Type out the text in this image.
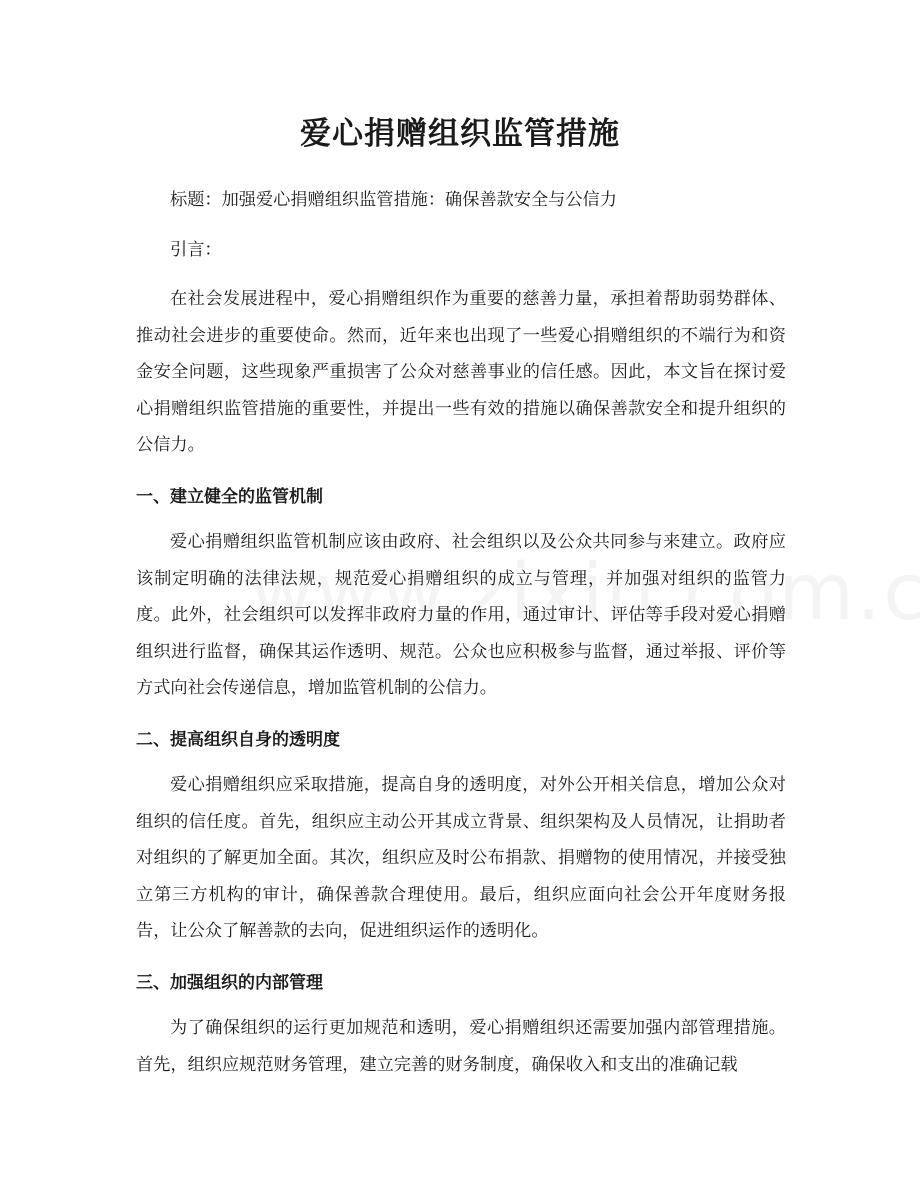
爱心捐赠组织监管措施

标题：加强爱心捐赠组织监管措施：确保善款安全与公信力

引言：

在社会发展进程中，爱心捐赠组织作为重要的慈善力量，承担着帮助弱势群体、推动社会进步的重要使命。然而，近年来也出现了一些爱心捐赠组织的不端行为和资金安全问题，这些现象严重损害了公众对慈善事业的信任感。因此，本文旨在探讨爱心捐赠组织监管措施的重要性，并提出一些有效的措施以确保善款安全和提升组织的公信力。

一、建立健全的监管机制

爱心捐赠组织监管机制应该由政府、社会组织以及公众共同参与来建立。政府应该制定明确的法律法规，规范爱心捐赠组织的成立与管理，并加强对组织的监管力度。此外，社会组织可以发挥非政府力量的作用，通过审计、评估等手段对爱心捐赠组织进行监督，确保其运作透明、规范。公众也应积极参与监督，通过举报、评价等方式向社会传递信息，增加监管机制的公信力。

二、提高组织自身的透明度

爱心捐赠组织应采取措施，提高自身的透明度，对外公开相关信息，增加公众对组织的信任度。首先，组织应主动公开其成立背景、组织架构及人员情况，让捐助者对组织的了解更加全面。其次，组织应及时公布捐款、捐赠物的使用情况，并接受独立第三方机构的审计，确保善款合理使用。最后，组织应面向社会公开年度财务报告，让公众了解善款的去向，促进组织运作的透明化。

三、加强组织的内部管理

为了确保组织的运行更加规范和透明，爱心捐赠组织还需要加强内部管理措施。首先，组织应规范财务管理，建立完善的财务制度，确保收入和支出的准确记载
